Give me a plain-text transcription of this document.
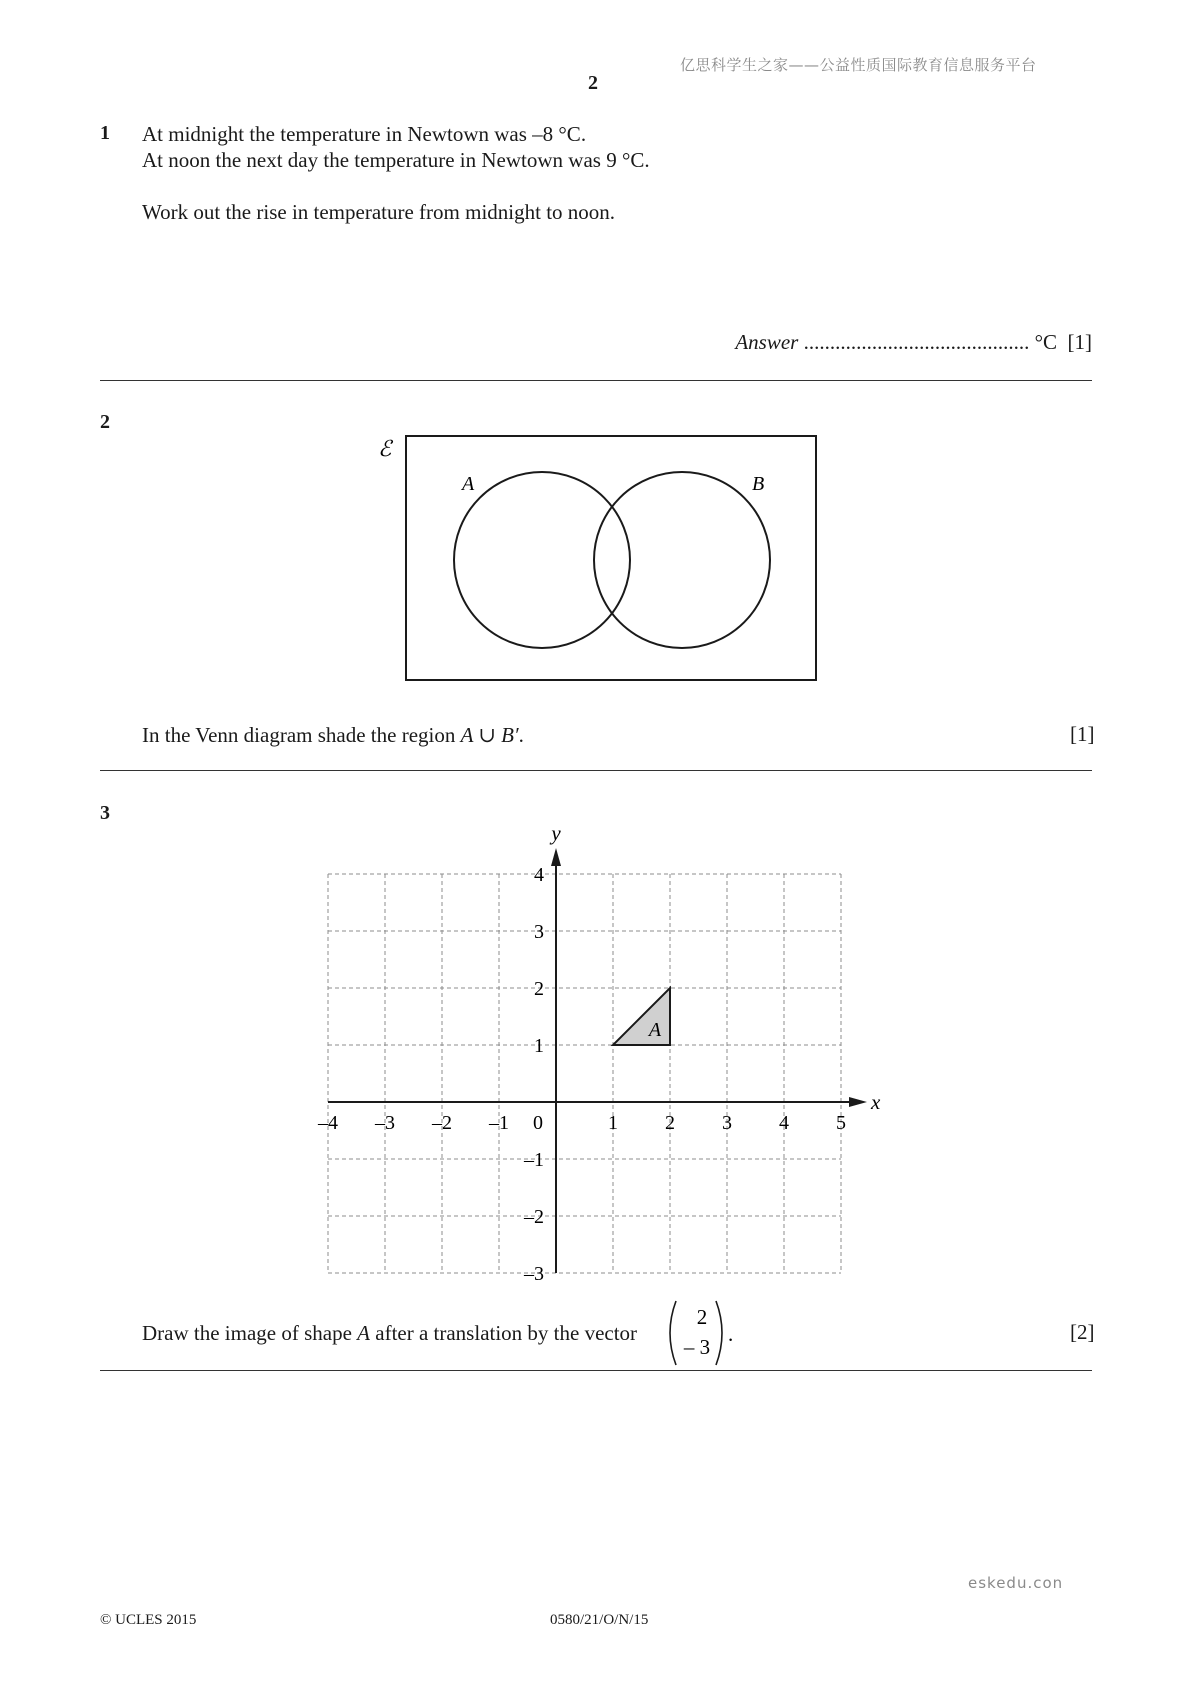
亿思科学生之家——公益性质国际教育信息服务平台
2
1 At midnight the temperature in Newtown was –8 °C.
At noon the next day the temperature in Newtown was 9 °C.
Work out the rise in temperature from midnight to noon.
Answer ........................................... °C [1]
2
ℰ
A	B
In the Venn diagram shade the region A ∪ B′.	[1]
3
–4 –3 –2 –1	1 2 3 4 5
4
3
2
1
–1
–2
–3
A
x
y
0
Draw the image of shape A after a translation by the vector
2
– 3
.	[2]
eskedu.con
© UCLES 2015	0580/21/O/N/15
